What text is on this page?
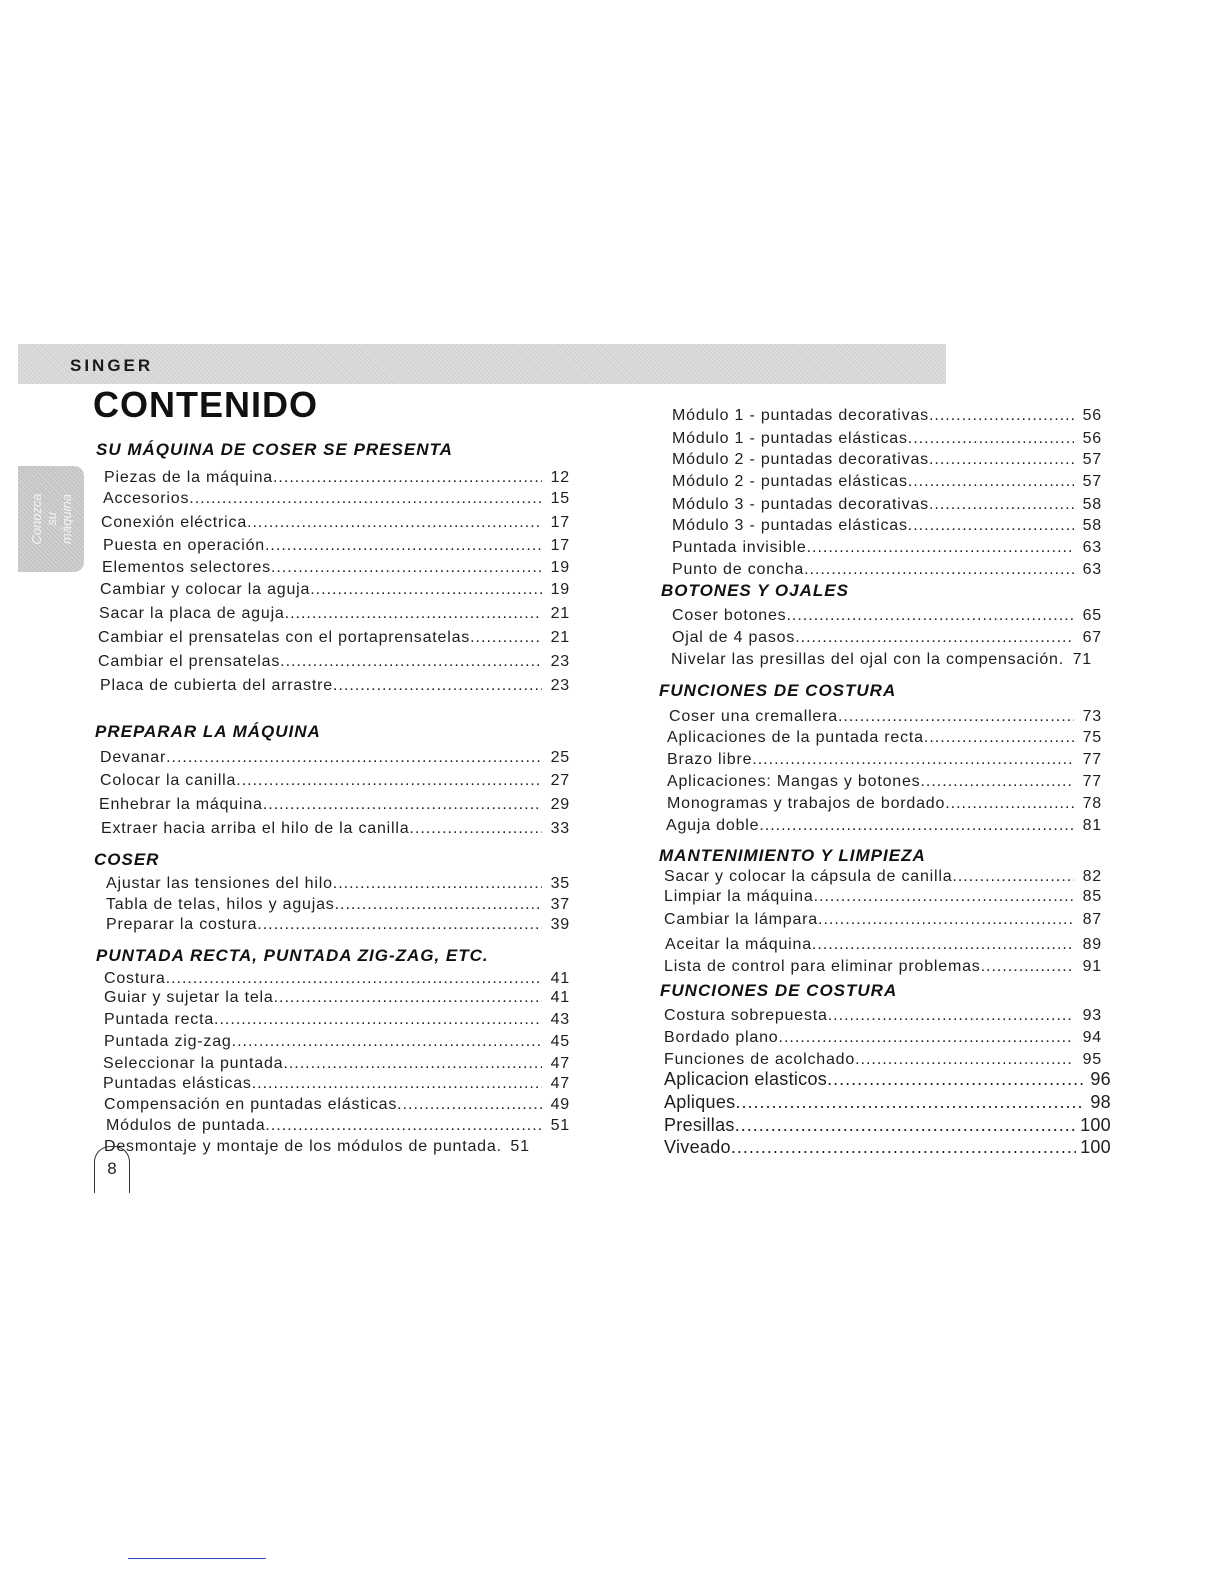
SINGER
CONTENIDO
Conozca su máquina
SU MÁQUINA DE COSER SE PRESENTA
Piezas de la máquina .....	12
Accesorios .....	15
Conexión eléctrica .....	17
Puesta en operación .....	17
Elementos selectores .....	19
Cambiar y colocar la aguja .....	19
Sacar la placa de aguja .....	21
Cambiar el prensatelas con el portaprensatelas .....	21
Cambiar el prensatelas .....	23
Placa de cubierta del arrastre .....	23
PREPARAR LA MÁQUINA
Devanar .....	25
Colocar la canilla .....	27
Enhebrar la máquina .....	29
Extraer hacia arriba el hilo de la canilla .....	33
COSER
Ajustar las tensiones del hilo .....	35
Tabla de telas, hilos y agujas .....	37
Preparar la costura .....	39
PUNTADA RECTA, PUNTADA ZIG-ZAG, ETC.
Costura .....	41
Guiar y sujetar la tela .....	41
Puntada recta .....	43
Puntada zig-zag .....	45
Seleccionar la puntada .....	47
Puntadas elásticas .....	47
Compensación en puntadas elásticas .....	49
Módulos de puntada .....	51
Desmontaje y montaje de los módulos de puntada. 51
8
Módulo 1 - puntadas decorativas .....	56
Módulo 1 - puntadas elásticas .....	56
Módulo 2 - puntadas decorativas .....	57
Módulo 2 - puntadas elásticas .....	57
Módulo 3 - puntadas decorativas .....	58
Módulo 3 - puntadas elásticas .....	58
Puntada invisible .....	63
Punto de concha .....	63
BOTONES Y OJALES
Coser botones .....	65
Ojal de 4 pasos .....	67
Nivelar las presillas del ojal con la compensación. 71
FUNCIONES DE COSTURA
Coser una cremallera .....	73
Aplicaciones de la puntada recta .....	75
Brazo libre .....	77
Aplicaciones: Mangas y botones .....	77
Monogramas y trabajos de bordado .....	78
Aguja doble .....	81
MANTENIMIENTO Y LIMPIEZA
Sacar y colocar la cápsula de canilla .....	82
Limpiar la máquina .....	85
Cambiar la lámpara .....	87
Aceitar la máquina .....	89
Lista de control para eliminar problemas .....	91
FUNCIONES DE COSTURA
Costura sobrepuesta .....	93
Bordado plano .....	94
Funciones de acolchado .....	95
Aplicacion elasticos .....	96
Apliques .....	98
Presillas .....	100
Viveado .....	100
